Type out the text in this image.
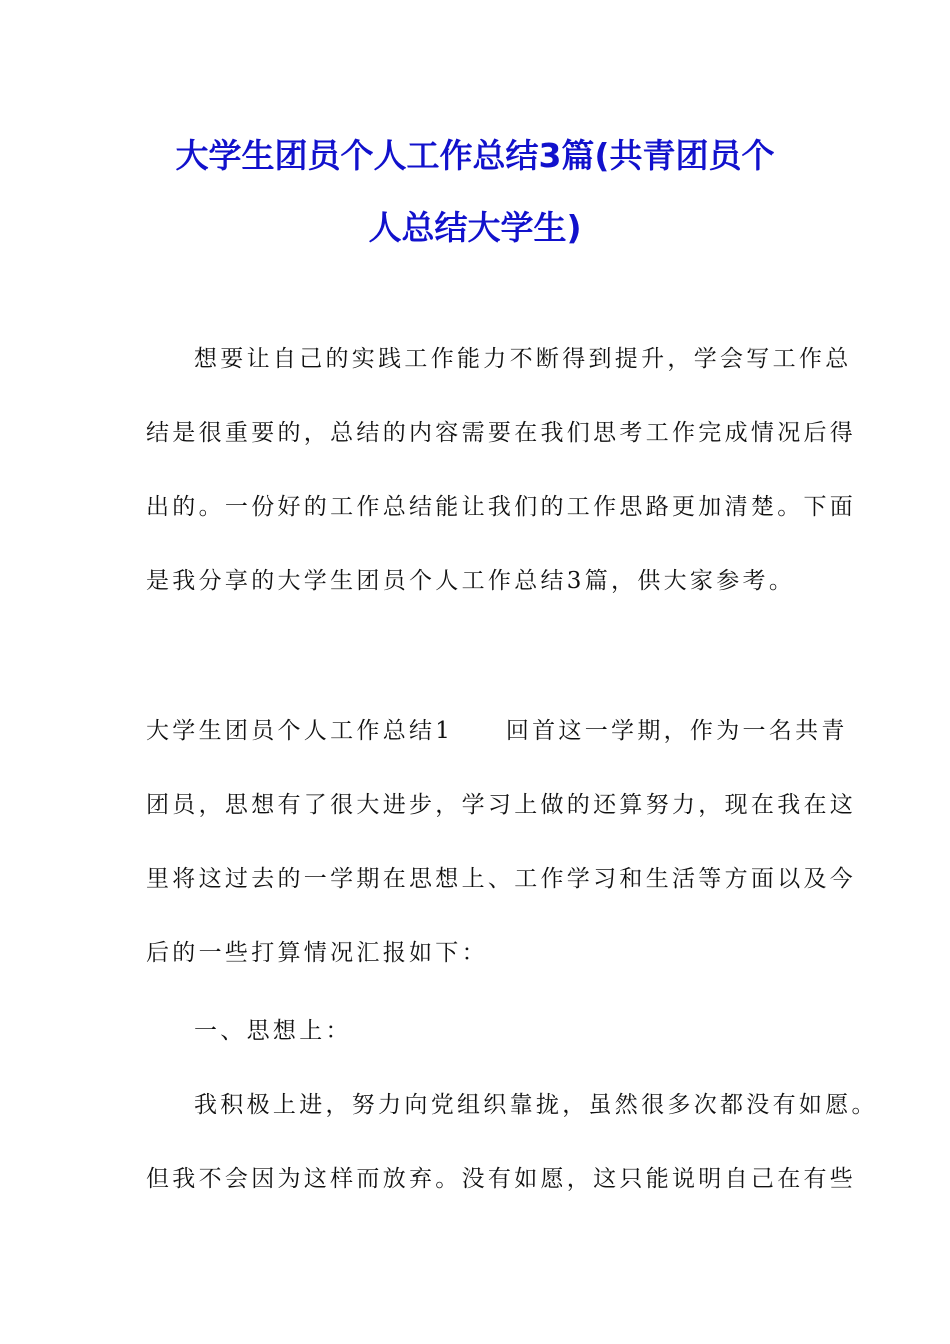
大学生团员个人工作总结3篇(共青团员个
人总结大学生)
想要让自己的实践工作能力不断得到提升，学会写工作总
结是很重要的，总结的内容需要在我们思考工作完成情况后得
出的。一份好的工作总结能让我们的工作思路更加清楚。下面
是我分享的大学生团员个人工作总结3篇，供大家参考。
大学生团员个人工作总结1　　回首这一学期，作为一名共青
团员，思想有了很大进步，学习上做的还算努力，现在我在这
里将这过去的一学期在思想上、工作学习和生活等方面以及今
后的一些打算情况汇报如下：
一、思想上：
我积极上进，努力向党组织靠拢，虽然很多次都没有如愿。
但我不会因为这样而放弃。没有如愿，这只能说明自己在有些
